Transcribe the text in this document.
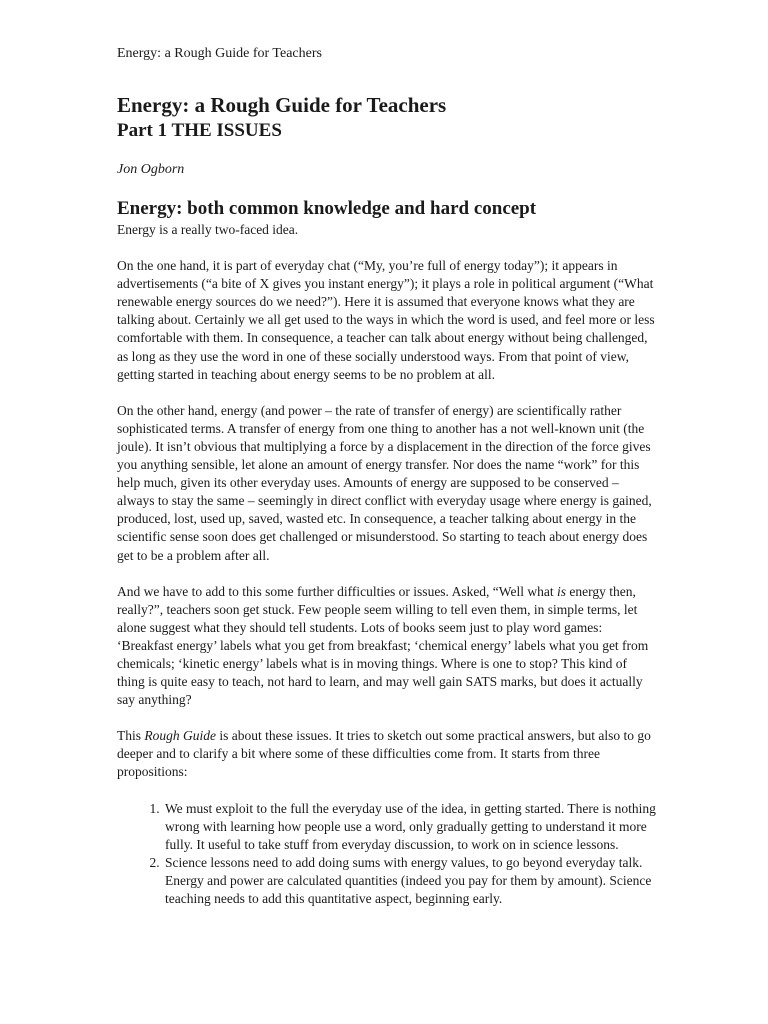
Energy: a Rough Guide for Teachers
Energy: a Rough Guide for Teachers
Part 1 THE ISSUES
Jon Ogborn
Energy: both common knowledge and hard concept

Energy is a really two-faced idea.

On the one hand, it is part of everyday chat (“My, you’re full of energy today”); it appears in advertisements (“a bite of X gives you instant energy”); it plays a role in political argument (“What renewable energy sources do we need?”). Here it is assumed that everyone knows what they are talking about. Certainly we all get used to the ways in which the word is used, and feel more or less comfortable with them. In consequence, a teacher can talk about energy without being challenged, as long as they use the word in one of these socially understood ways. From that point of view, getting started in teaching about energy seems to be no problem at all.

On the other hand, energy (and power – the rate of transfer of energy) are scientifically rather sophisticated terms. A transfer of energy from one thing to another has a not well-known unit (the joule). It isn’t obvious that multiplying a force by a displacement in the direction of the force gives you anything sensible, let alone an amount of energy transfer. Nor does the name “work” for this help much, given its other everyday uses. Amounts of energy are supposed to be conserved – always to stay the same – seemingly in direct conflict with everyday usage where energy is gained, produced, lost, used up, saved, wasted etc. In consequence, a teacher talking about energy in the scientific sense soon does get challenged or misunderstood. So starting to teach about energy does get to be a problem after all.

And we have to add to this some further difficulties or issues. Asked, “Well what is energy then, really?”, teachers soon get stuck. Few people seem willing to tell even them, in simple terms, let alone suggest what they should tell students. Lots of books seem just to play word games: ‘Breakfast energy’ labels what you get from breakfast; ‘chemical energy’ labels what you get from chemicals; ‘kinetic energy’ labels what is in moving things. Where is one to stop? This kind of thing is quite easy to teach, not hard to learn, and may well gain SATS marks, but does it actually say anything?

This Rough Guide is about these issues. It tries to sketch out some practical answers, but also to go deeper and to clarify a bit where some of these difficulties come from. It starts from three propositions:

1. We must exploit to the full the everyday use of the idea, in getting started. There is nothing wrong with learning how people use a word, only gradually getting to understand it more fully. It useful to take stuff from everyday discussion, to work on in science lessons.
2. Science lessons need to add doing sums with energy values, to go beyond everyday talk. Energy and power are calculated quantities (indeed you pay for them by amount). Science teaching needs to add this quantitative aspect, beginning early.
